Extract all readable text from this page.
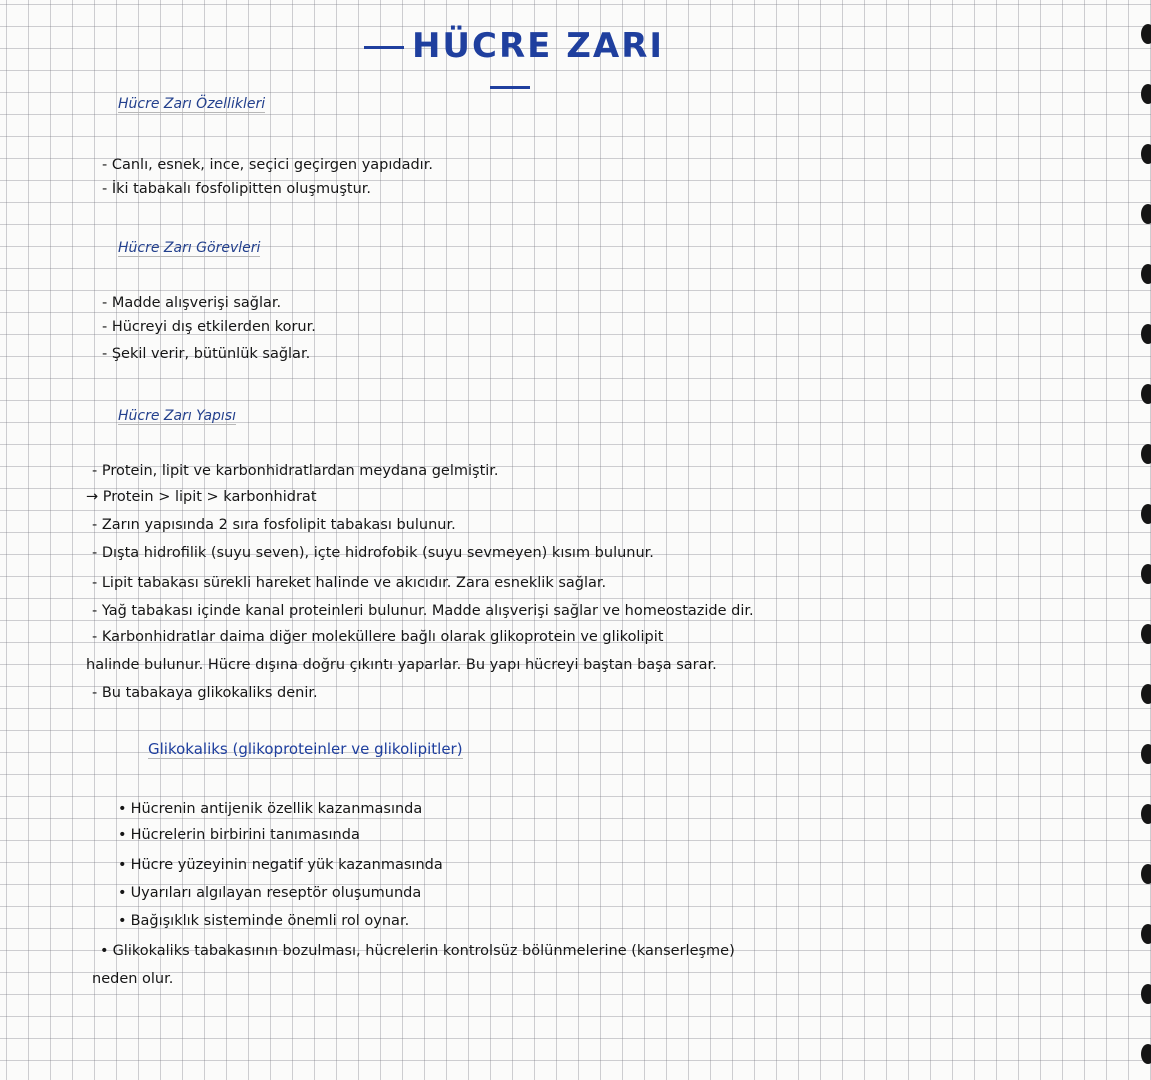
HÜCRE ZARI
Hücre Zarı Özellikleri
- Canlı, esnek, ince, seçici geçirgen yapıdadır.
- İki tabakalı fosfolipitten oluşmuştur.
Hücre Zarı Görevleri
- Madde alışverişi sağlar.
- Hücreyi dış etkilerden korur.
- Şekil verir, bütünlük sağlar.
Hücre Zarı Yapısı
- Protein, lipit ve karbonhidratlardan meydana gelmiştir.
→ Protein > lipit > karbonhidrat
- Zarın yapısında 2 sıra fosfolipit tabakası bulunur.
- Dışta hidrofilik (suyu seven), içte hidrofobik (suyu sevmeyen) kısım bulunur.
- Lipit tabakası sürekli hareket halinde ve akıcıdır. Zara esneklik sağlar.
- Yağ tabakası içinde kanal proteinleri bulunur. Madde alışverişi sağlar ve homeostazide dir.
- Karbonhidratlar daima diğer moleküllere bağlı olarak glikoprotein ve glikolipit
halinde bulunur. Hücre dışına doğru çıkıntı yaparlar. Bu yapı hücreyi baştan başa sarar.
- Bu tabakaya glikokaliks denir.
Glikokaliks (glikoproteinler ve glikolipitler)
• Hücrenin antijenik özellik kazanmasında
• Hücrelerin birbirini tanımasında
• Hücre yüzeyinin negatif yük kazanmasında
• Uyarıları algılayan reseptör oluşumunda
• Bağışıklık sisteminde önemli rol oynar.
• Glikokaliks tabakasının bozulması, hücrelerin kontrolsüz bölünmelerine (kanserleşme)
neden olur.
